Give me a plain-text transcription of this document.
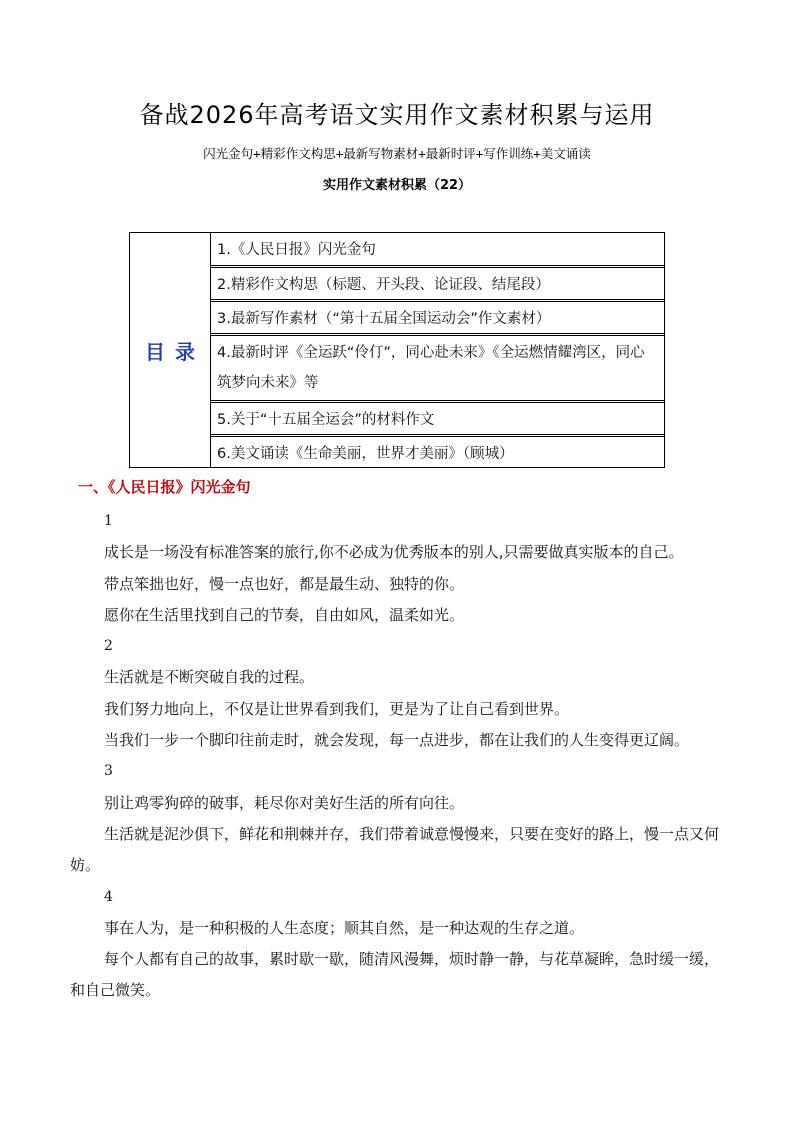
备战2026年高考语文实用作文素材积累与运用
闪光金句+精彩作文构思+最新写物素材+最新时评+写作训练+美文诵读
实用作文素材积累（22）
目录
1.《人民日报》闪光金句
2.精彩作文构思（标题、开头段、论证段、结尾段）
3.最新写作素材（“第十五届全国运动会”作文素材）
4.最新时评《全运跃“伶仃”，同心赴未来》《全运燃情耀湾区，同心筑梦向未来》等
5.关于“十五届全运会”的材料作文
6.美文诵读《生命美丽，世界才美丽》（顾城）
一、《人民日报》闪光金句

1

成长是一场没有标准答案的旅行,你不必成为优秀版本的别人,只需要做真实版本的自己。

带点笨拙也好，慢一点也好，都是最生动、独特的你。

愿你在生活里找到自己的节奏，自由如风，温柔如光。

2

生活就是不断突破自我的过程。

我们努力地向上，不仅是让世界看到我们，更是为了让自己看到世界。

当我们一步一个脚印往前走时，就会发现，每一点进步，都在让我们的人生变得更辽阔。

3

别让鸡零狗碎的破事，耗尽你对美好生活的所有向往。

生活就是泥沙俱下，鲜花和荆棘并存，我们带着诚意慢慢来，只要在变好的路上，慢一点又何妨。

4

事在人为，是一种积极的人生态度；顺其自然，是一种达观的生存之道。

每个人都有自己的故事，累时歇一歇，随清风漫舞，烦时静一静，与花草凝眸，急时缓一缓，和自己微笑。
